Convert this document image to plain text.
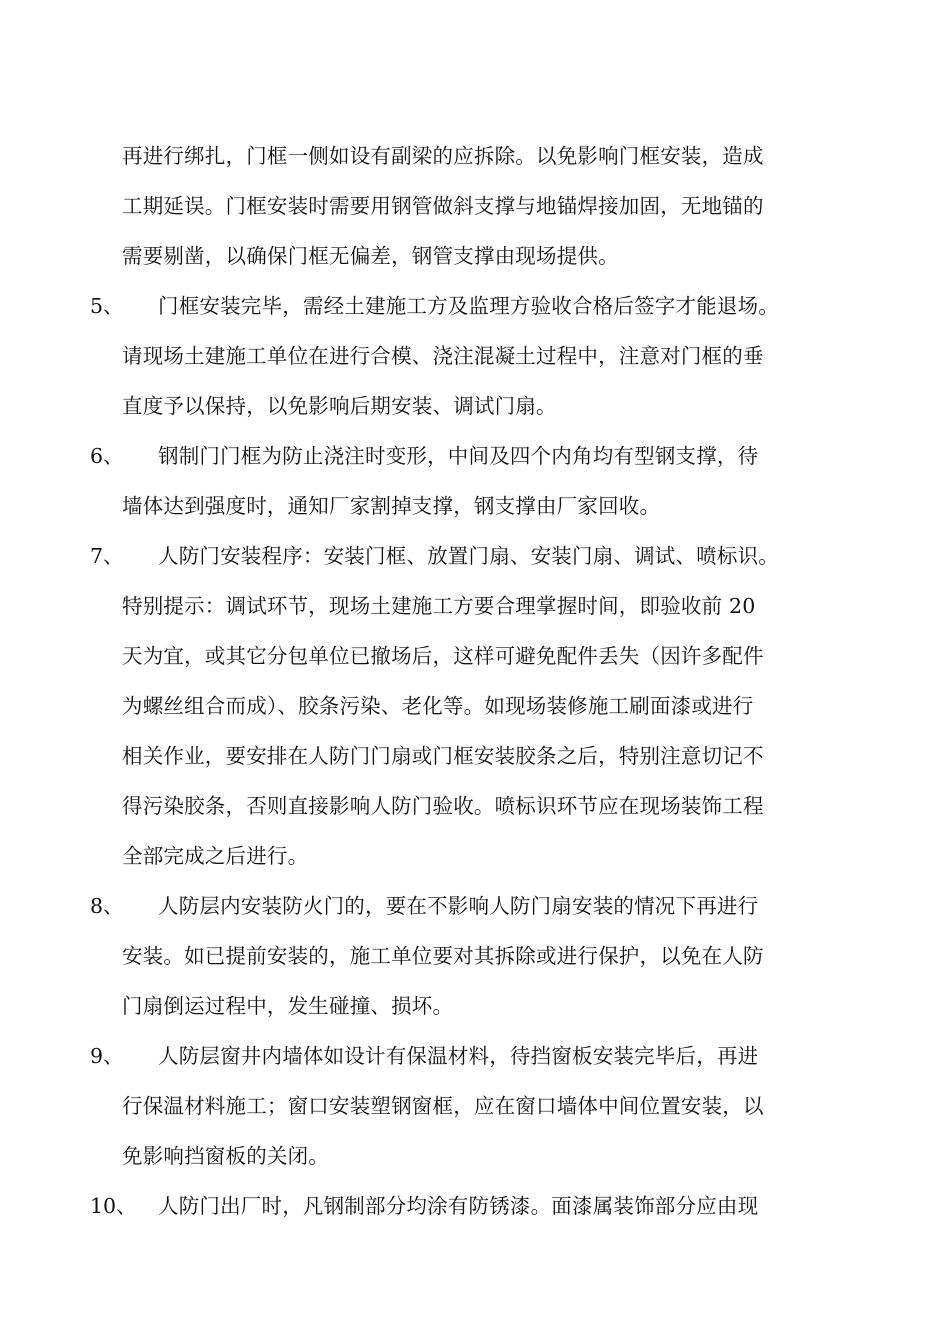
再进行绑扎，门框一侧如设有副梁的应拆除。以免影响门框安装，造成
工期延误。门框安装时需要用钢管做斜支撑与地锚焊接加固，无地锚的
需要剔凿，以确保门框无偏差，钢管支撑由现场提供。
5、 门框安装完毕，需经土建施工方及监理方验收合格后签字才能退场。
请现场土建施工单位在进行合模、浇注混凝土过程中，注意对门框的垂
直度予以保持，以免影响后期安装、调试门扇。
6、 钢制门门框为防止浇注时变形，中间及四个内角均有型钢支撑，待
墙体达到强度时，通知厂家割掉支撑，钢支撑由厂家回收。
7、 人防门安装程序：安装门框、放置门扇、安装门扇、调试、喷标识。
特别提示：调试环节，现场土建施工方要合理掌握时间，即验收前 20
天为宜，或其它分包单位已撤场后，这样可避免配件丢失（因许多配件
为螺丝组合而成）、胶条污染、老化等。如现场装修施工刷面漆或进行
相关作业，要安排在人防门门扇或门框安装胶条之后，特别注意切记不
得污染胶条，否则直接影响人防门验收。喷标识环节应在现场装饰工程
全部完成之后进行。
8、 人防层内安装防火门的，要在不影响人防门扇安装的情况下再进行
安装。如已提前安装的，施工单位要对其拆除或进行保护，以免在人防
门扇倒运过程中，发生碰撞、损坏。
9、 人防层窗井内墙体如设计有保温材料，待挡窗板安装完毕后，再进
行保温材料施工；窗口安装塑钢窗框，应在窗口墙体中间位置安装，以
免影响挡窗板的关闭。
10、 人防门出厂时，凡钢制部分均涂有防锈漆。面漆属装饰部分应由现
